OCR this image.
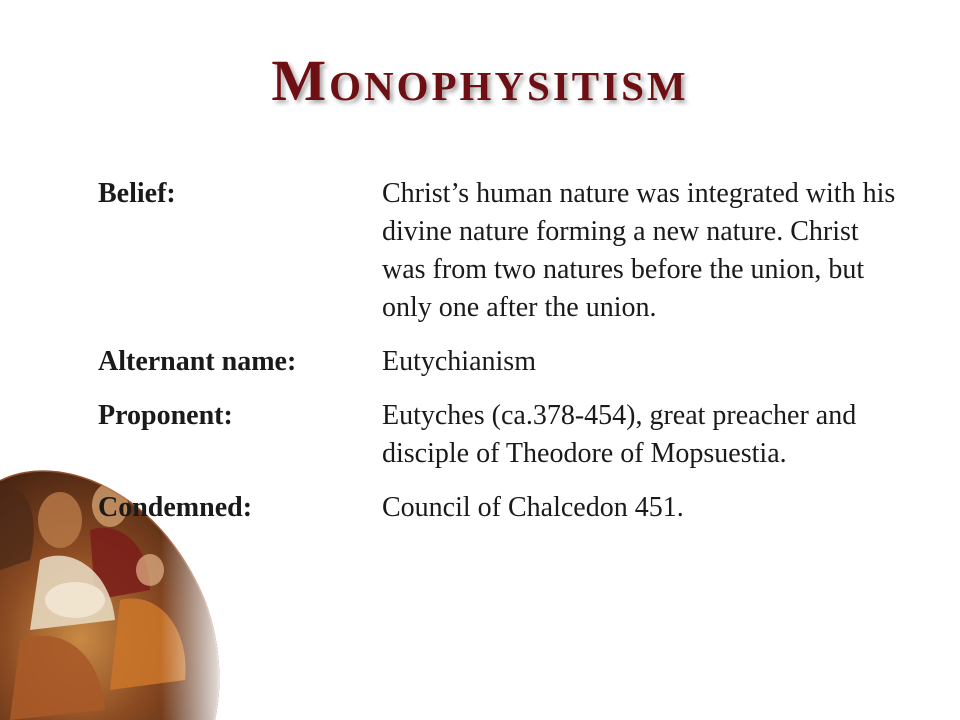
Monophysitism
Belief:	Christ’s human nature was integrated with his divine nature forming a new nature. Christ was from two natures before the union, but only one after the union.
Alternant name:	Eutychianism
Proponent:	Eutyches (ca.378-454), great preacher and disciple of Theodore of Mopsuestia.
Condemned:	Council of Chalcedon 451.
